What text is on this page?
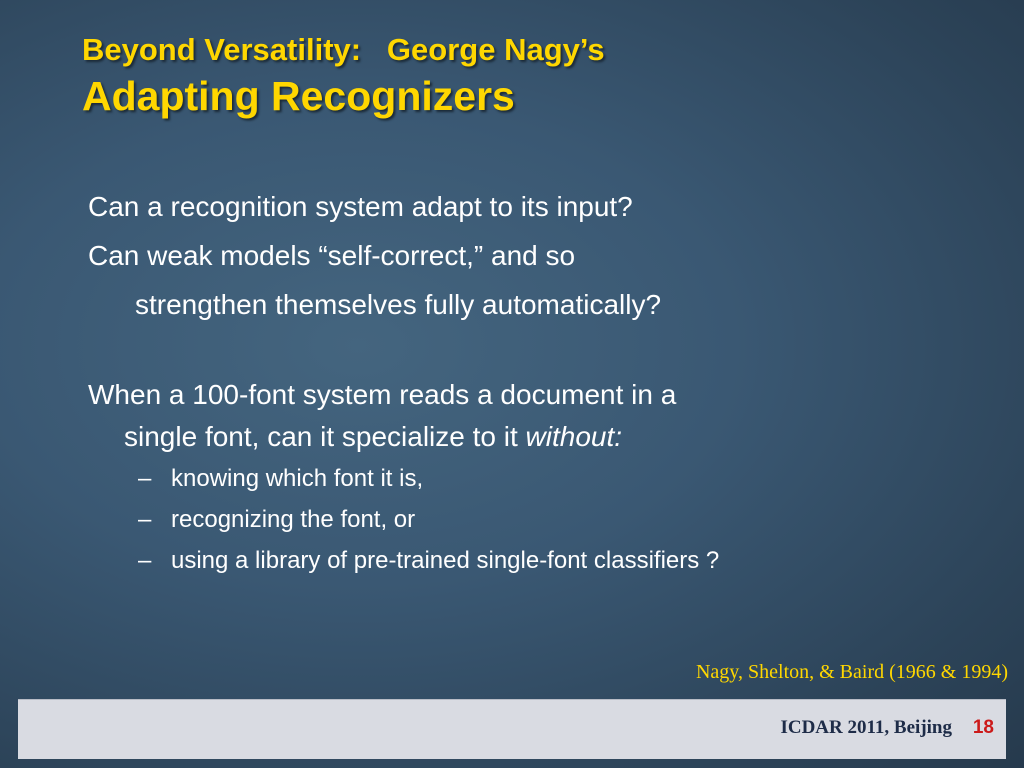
Beyond Versatility:   George Nagy’s
Adapting Recognizers
Can a recognition system adapt to its input?
Can weak models “self-correct,” and so
strengthen themselves fully automatically?
When a 100-font system reads a document in a
single font, can it specialize to it without:
– knowing which font it is,
– recognizing the font, or
– using a library of pre-trained single-font classifiers ?
Nagy, Shelton, & Baird (1966 & 1994)
ICDAR 2011, Beijing 18
